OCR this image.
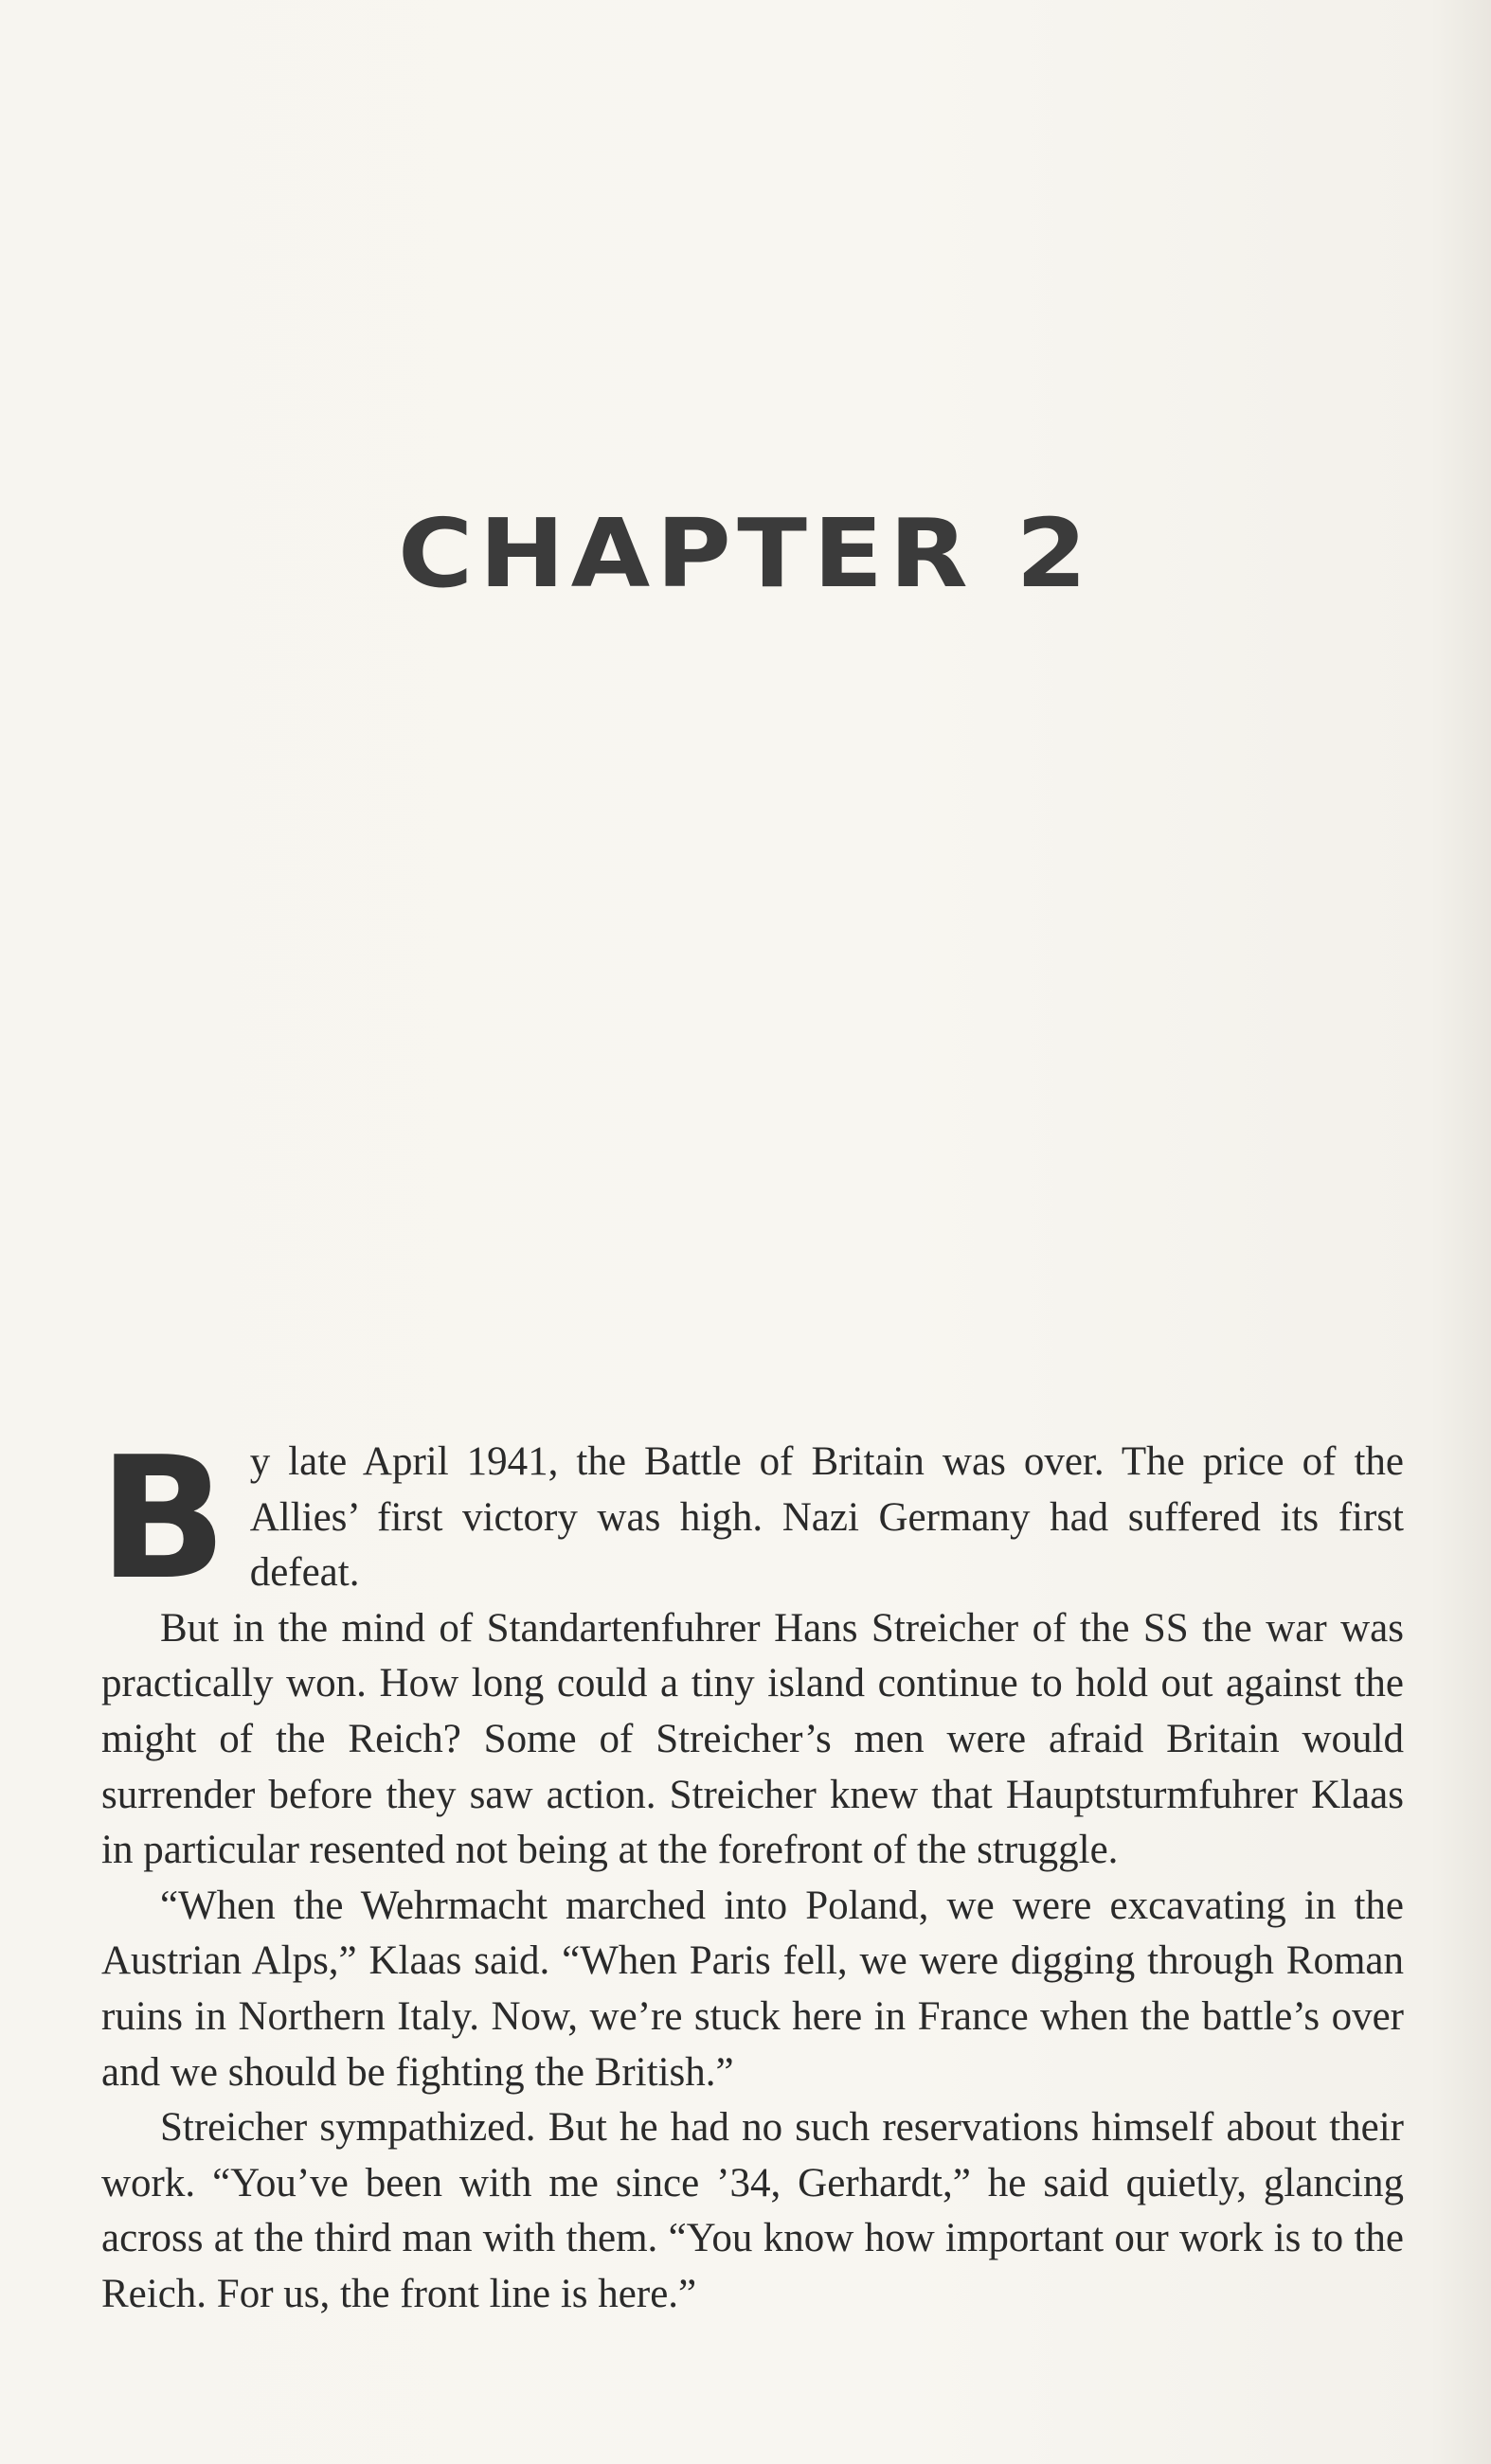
CHAPTER 2

By late April 1941, the Battle of Britain was over. The price of the Allies’ first victory was high. Nazi Germany had suffered its first defeat.

But in the mind of Standartenfuhrer Hans Streicher of the SS the war was practically won. How long could a tiny island continue to hold out against the might of the Reich? Some of Streicher’s men were afraid Britain would surrender before they saw action. Streicher knew that Hauptsturmfuhrer Klaas in particular resented not being at the forefront of the struggle.

“When the Wehrmacht marched into Poland, we were excavating in the Austrian Alps,” Klaas said. “When Paris fell, we were digging through Roman ruins in Northern Italy. Now, we’re stuck here in France when the battle’s over and we should be fighting the British.”

Streicher sympathized. But he had no such reservations himself about their work. “You’ve been with me since ’34, Gerhardt,” he said quietly, glancing across at the third man with them. “You know how important our work is to the Reich. For us, the front line is here.”
